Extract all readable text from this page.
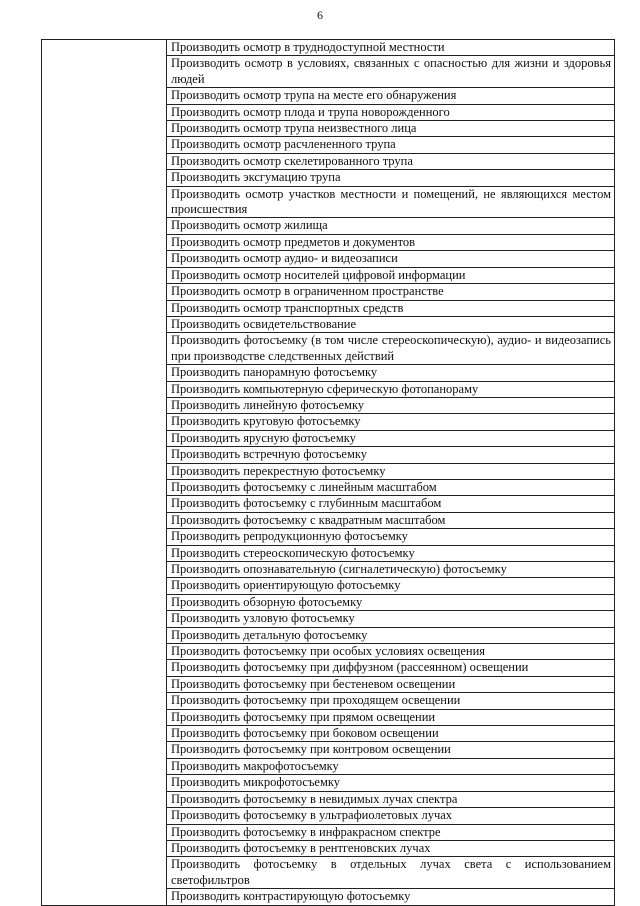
6
	Производить осмотр в труднодоступной местности
Производить осмотр в условиях, связанных с опасностью для жизни и здоровья людей
Производить осмотр трупа на месте его обнаружения
Производить осмотр плода и трупа новорожденного
Производить осмотр трупа неизвестного лица
Производить осмотр расчлененного трупа
Производить осмотр скелетированного трупа
Производить эксгумацию трупа
Производить осмотр участков местности и помещений, не являющихся местом происшествия
Производить осмотр жилища
Производить осмотр предметов и документов
Производить осмотр аудио- и видеозаписи
Производить осмотр носителей цифровой информации
Производить осмотр в ограниченном пространстве
Производить осмотр транспортных средств
Производить освидетельствование
Производить фотосъемку (в том числе стереоскопическую), аудио- и видеозапись при производстве следственных действий
Производить панорамную фотосъемку
Производить компьютерную сферическую фотопанораму
Производить линейную фотосъемку
Производить круговую фотосъемку
Производить ярусную фотосъемку
Производить встречную фотосъемку
Производить перекрестную фотосъемку
Производить фотосъемку с линейным масштабом
Производить фотосъемку с глубинным масштабом
Производить фотосъемку с квадратным масштабом
Производить репродукционную фотосъемку
Производить стереоскопическую фотосъемку
Производить опознавательную (сигналетическую) фотосъемку
Производить ориентирующую фотосъемку
Производить обзорную фотосъемку
Производить узловую фотосъемку
Производить детальную фотосъемку
Производить фотосъемку при особых условиях освещения
Производить фотосъемку при диффузном (рассеянном) освещении
Производить фотосъемку при бестеневом освещении
Производить фотосъемку при проходящем освещении
Производить фотосъемку при прямом освещении
Производить фотосъемку при боковом освещении
Производить фотосъемку при контровом освещении
Производить макрофотосъемку
Производить микрофотосъемку
Производить фотосъемку в невидимых лучах спектра
Производить фотосъемку в ультрафиолетовых лучах
Производить фотосъемку в инфракрасном спектре
Производить фотосъемку в рентгеновских лучах
Производить фотосъемку в отдельных лучах света с использованием светофильтров
Производить контрастирующую фотосъемку
